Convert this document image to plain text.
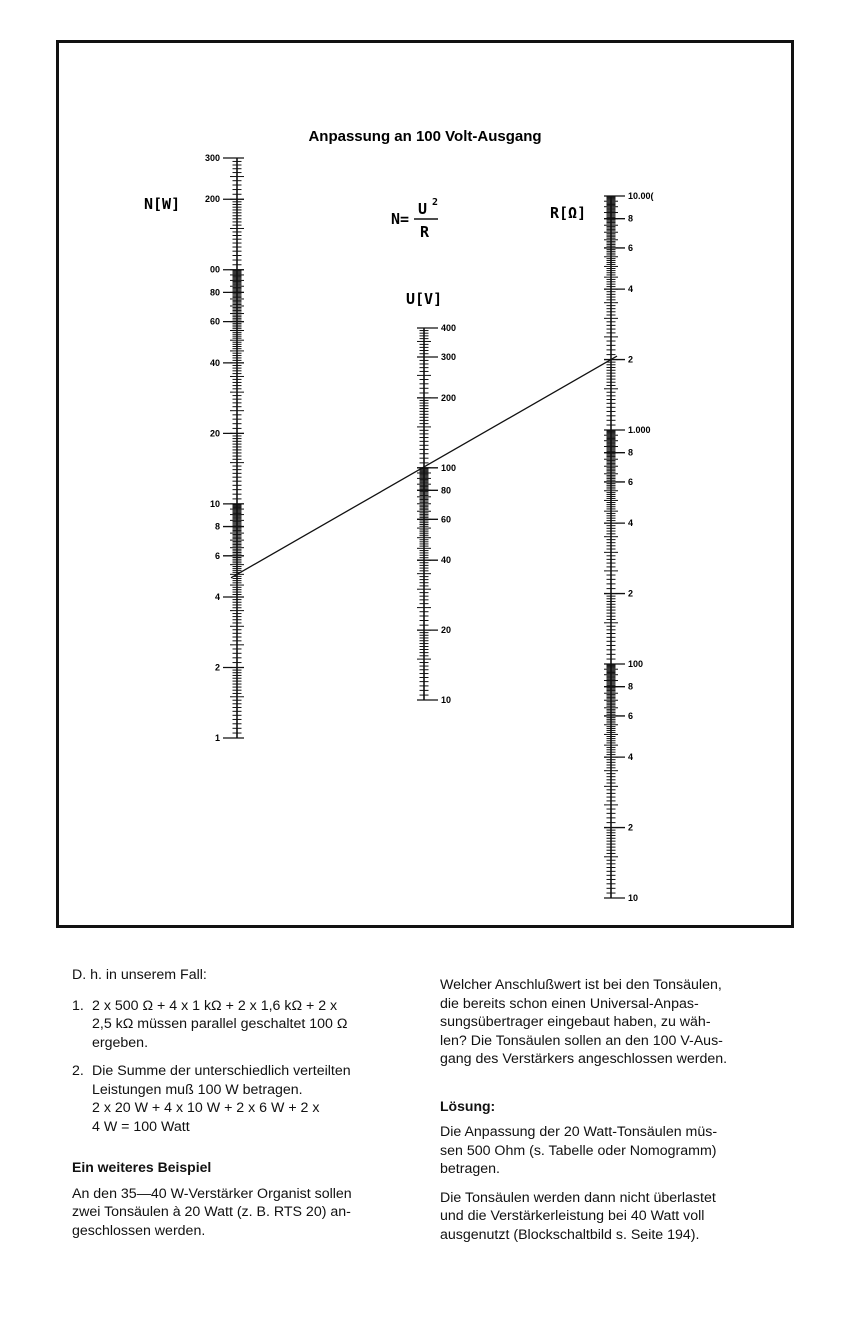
Anpassung an 100 Volt-Ausgang
N[W]
U[V]
R[Ω]
N=
U 2
R
300
200
00
80
60
40
20
10
8
6
4
2
1
400
300
200
100
80
60
40
20
10
10.00(
8
6
4
2
1.000
8
6
4
2
100
8
6
4
2
10

D. h. in unserem Fall:

1. 2 x 500 Ω + 4 x 1 kΩ + 2 x 1,6 kΩ + 2 x
2,5 kΩ müssen parallel geschaltet 100 Ω
ergeben.
2. Die Summe der unterschiedlich verteilten
Leistungen muß 100 W betragen.
2 x 20 W + 4 x 10 W + 2 x 6 W + 2 x
4 W = 100 Watt
Ein weiteres Beispiel

An den 35—40 W-Verstärker Organist sollen
zwei Tonsäulen à 20 Watt (z. B. RTS 20) an-
geschlossen werden.

Welcher Anschlußwert ist bei den Tonsäulen,
die bereits schon einen Universal-Anpas-
sungsübertrager eingebaut haben, zu wäh-
len? Die Tonsäulen sollen an den 100 V-Aus-
gang des Verstärkers angeschlossen werden.

Lösung:

Die Anpassung der 20 Watt-Tonsäulen müs-
sen 500 Ohm (s. Tabelle oder Nomogramm)
betragen.

Die Tonsäulen werden dann nicht überlastet
und die Verstärkerleistung bei 40 Watt voll
ausgenutzt (Blockschaltbild s. Seite 194).
